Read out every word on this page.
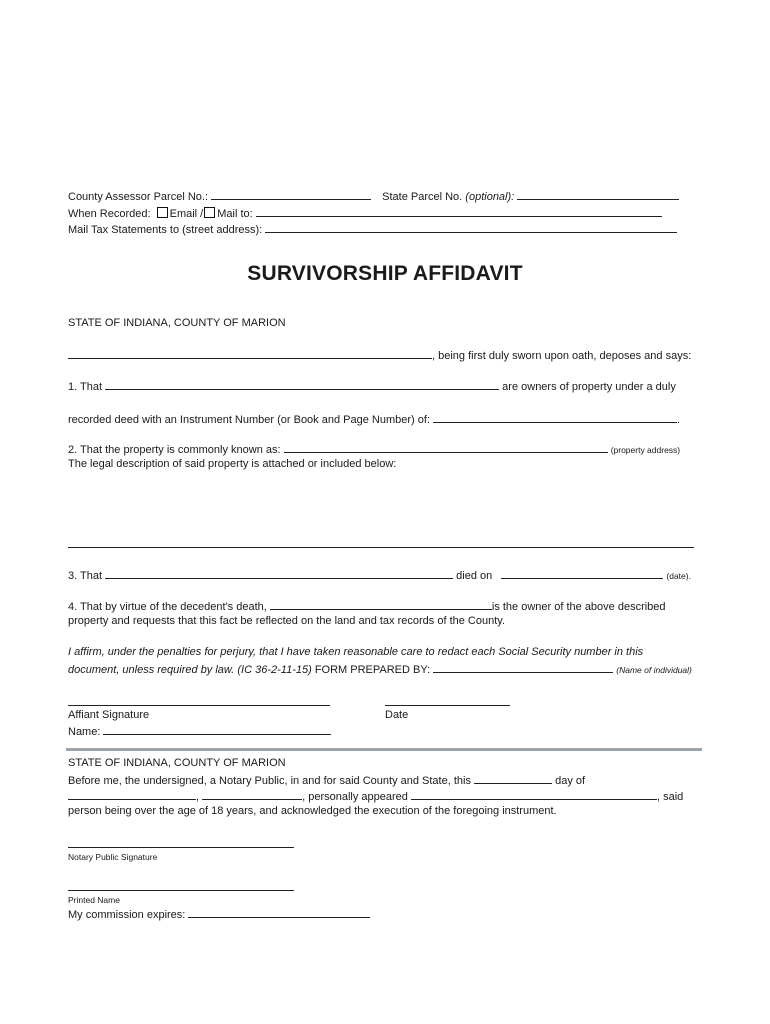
County Assessor Parcel No.:	State Parcel No. (optional):
When Recorded: Email / Mail to:
Mail Tax Statements to (street address):
SURVIVORSHIP AFFIDAVIT
STATE OF INDIANA, COUNTY OF MARION
, being first duly sworn upon oath, deposes and says:
1. That	are owners of property under a duly
recorded deed with an Instrument Number (or Book and Page Number) of:	.
2. That the property is commonly known as:	(property address)
The legal description of said property is attached or included below:
3. That	died on	(date).
4. That by virtue of the decedent's death,	is the owner of the above described
property and requests that this fact be reflected on the land and tax records of the County.
I affirm, under the penalties for perjury, that I have taken reasonable care to redact each Social Security number in this
document, unless required by law. (IC 36-2-11-15) FORM PREPARED BY:	(Name of individual)
Affiant Signature	Date
Name:
STATE OF INDIANA, COUNTY OF MARION
Before me, the undersigned, a Notary Public, in and for said County and State, this	day of
,	, personally appeared	, said
person being over the age of 18 years, and acknowledged the execution of the foregoing instrument.
Notary Public Signature
Printed Name
My commission expires:
